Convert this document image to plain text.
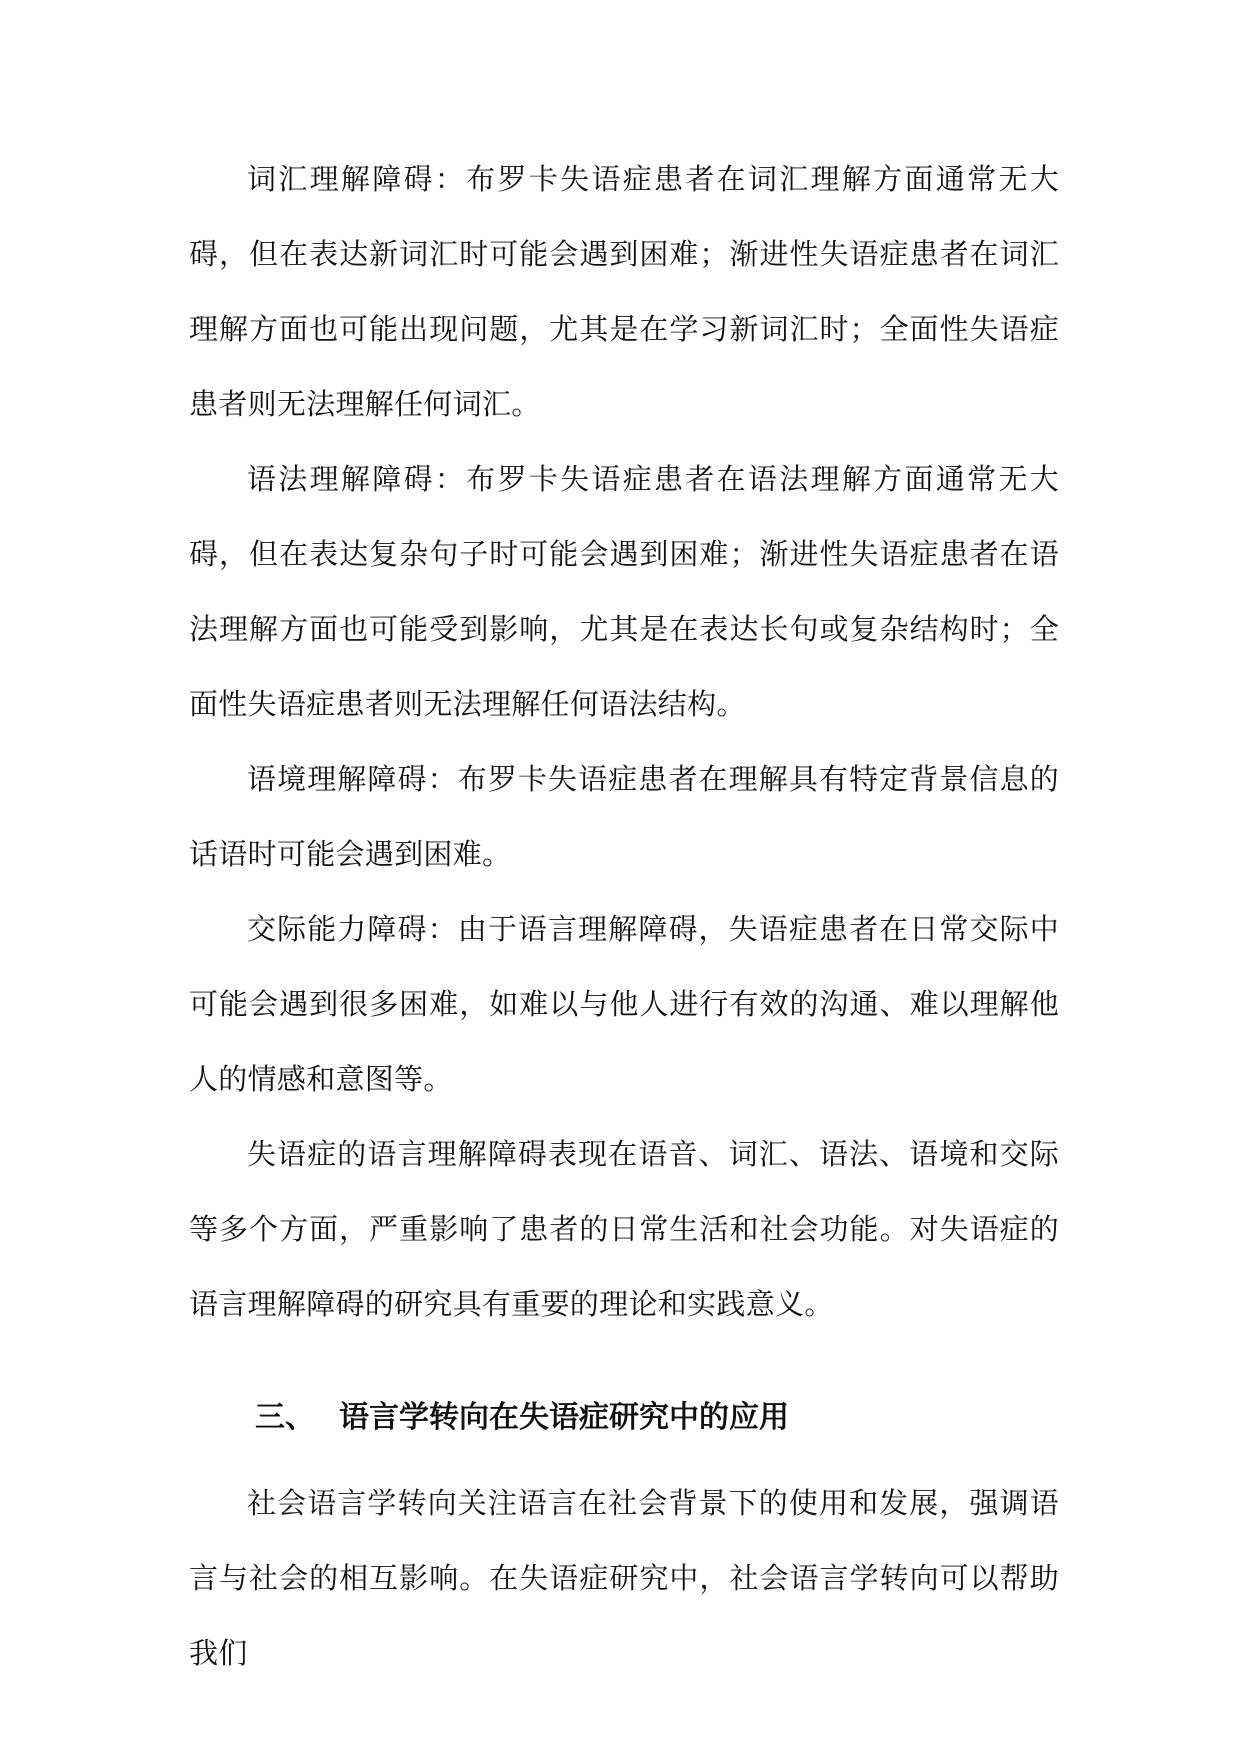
词汇理解障碍：布罗卡失语症患者在词汇理解方面通常无大碍，但在表达新词汇时可能会遇到困难；渐进性失语症患者在词汇理解方面也可能出现问题，尤其是在学习新词汇时；全面性失语症患者则无法理解任何词汇。

语法理解障碍：布罗卡失语症患者在语法理解方面通常无大碍，但在表达复杂句子时可能会遇到困难；渐进性失语症患者在语法理解方面也可能受到影响，尤其是在表达长句或复杂结构时；全面性失语症患者则无法理解任何语法结构。

语境理解障碍：布罗卡失语症患者在理解具有特定背景信息的话语时可能会遇到困难。

交际能力障碍：由于语言理解障碍，失语症患者在日常交际中可能会遇到很多困难，如难以与他人进行有效的沟通、难以理解他人的情感和意图等。

失语症的语言理解障碍表现在语音、词汇、语法、语境和交际等多个方面，严重影响了患者的日常生活和社会功能。对失语症的语言理解障碍的研究具有重要的理论和实践意义。

三、 语言学转向在失语症研究中的应用

社会语言学转向关注语言在社会背景下的使用和发展，强调语言与社会的相互影响。在失语症研究中，社会语言学转向可以帮助我们
